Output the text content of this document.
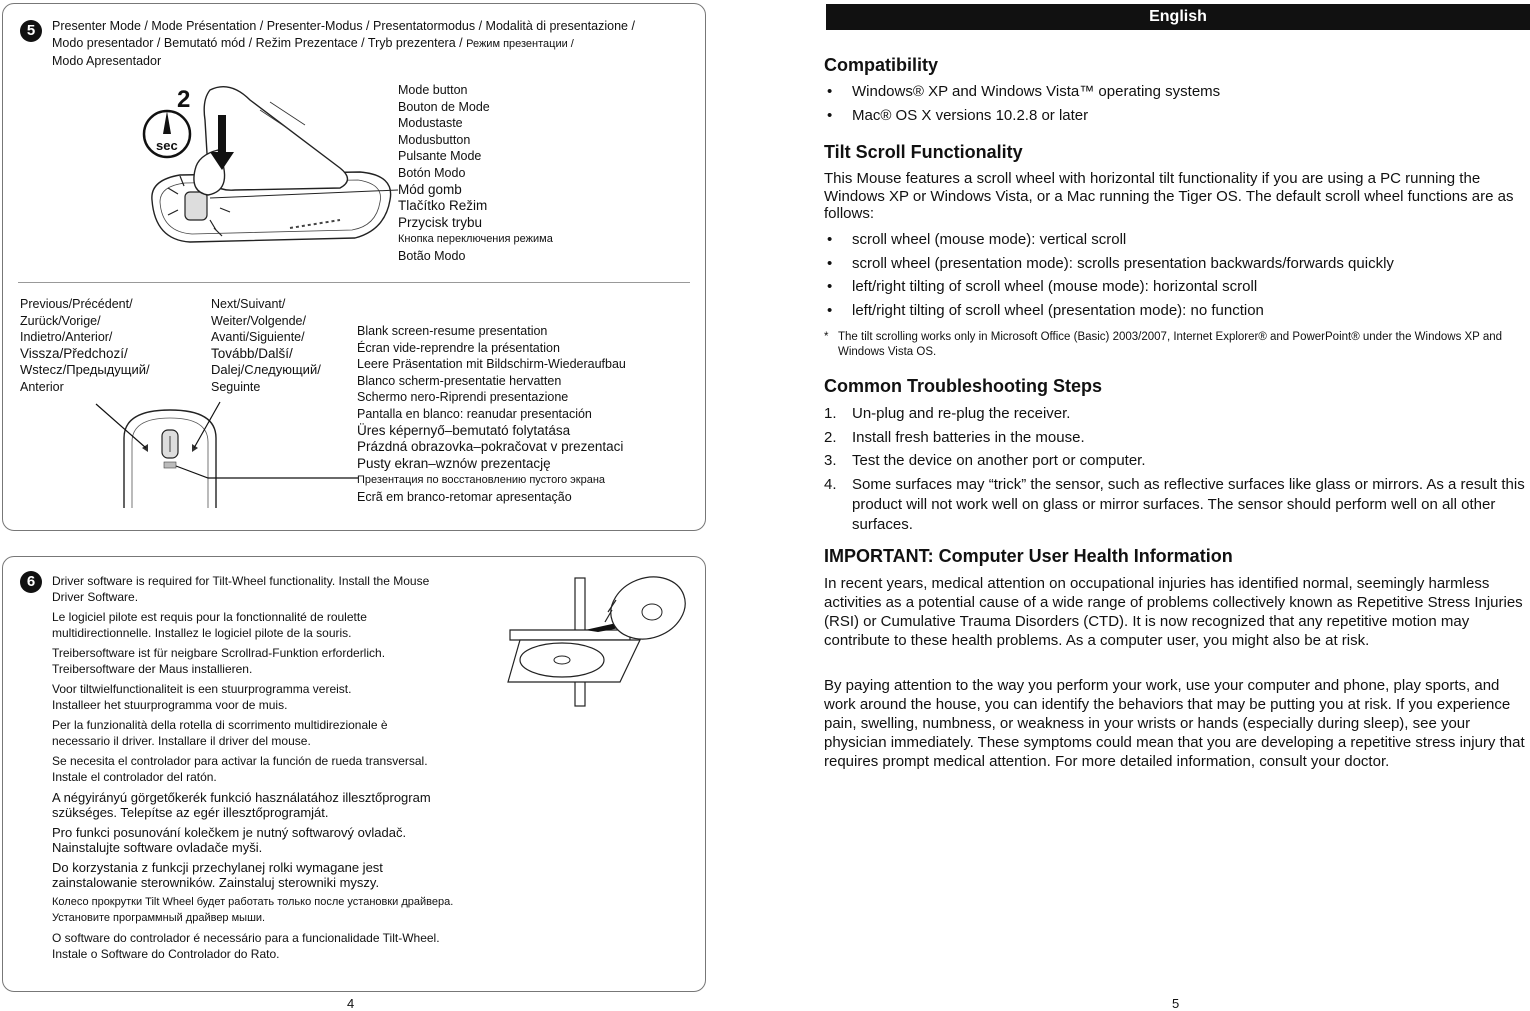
5	Presenter Mode / Mode Présentation / Presenter-Modus / Presentatormodus / Modalità di presentazione /
Modo presentador / Bemutató mód / Režim Prezentace / Tryb prezentera / Режим презентации /
Modo Apresentador
2
sec
Mode button
Bouton de Mode
Modustaste
Modusbutton
Pulsante Mode
Botón Modo
Mód gomb
Tlačítko Režim
Przycisk trybu
Кнопка переключения режима
Botão Modo
Previous/Précédent/
Zurück/Vorige/
Indietro/Anterior/
Vissza/Předchozí/
Wstecz/Предыдущий/
Anterior
Next/Suivant/
Weiter/Volgende/
Avanti/Siguiente/
Tovább/Další/
Dalej/Следующий/
Seguinte
Blank screen-resume presentation
Écran vide-reprendre la présentation
Leere Präsentation mit Bildschirm-Wiederaufbau
Blanco scherm-presentatie hervatten
Schermo nero-Riprendi presentazione
Pantalla en blanco: reanudar presentación
Üres képernyő–bemutató folytatása
Prázdná obrazovka–pokračovat v prezentaci
Pusty ekran–wznów prezentację
Презентация по восстановлению пустого экрана
Ecrã em branco-retomar apresentação
6	Driver software is required for Tilt-Wheel functionality. Install the Mouse
Driver Software.

Le logiciel pilote est requis pour la fonctionnalité de roulette
multidirectionnelle. Installez le logiciel pilote de la souris.

Treibersoftware ist für neigbare Scrollrad-Funktion erforderlich.
Treibersoftware der Maus installieren.

Voor tiltwielfunctionaliteit is een stuurprogramma vereist.
Installeer het stuurprogramma voor de muis.

Per la funzionalità della rotella di scorrimento multidirezionale è
necessario il driver. Installare il driver del mouse.

Se necesita el controlador para activar la función de rueda transversal.
Instale el controlador del ratón.

A négyirányú görgetőkerék funkció használatához illesztőprogram
szükséges. Telepítse az egér illesztőprogramját.

Pro funkci posunování kolečkem je nutný softwarový ovladač.
Nainstalujte software ovladače myši.

Do korzystania z funkcji przechylanej rolki wymagane jest
zainstalowanie sterowników. Zainstaluj sterowniki myszy.

Колесо прокрутки Tilt Wheel будет работать только после установки драйвера.
Установите программный драйвер мыши.

O software do controlador é necessário para a funcionalidade Tilt-Wheel.
Instale o Software do Controlador do Rato.

4
English
Compatibility
• Windows® XP and Windows Vista™ operating systems
• Mac® OS X versions 10.2.8 or later
Tilt Scroll Functionality
This Mouse features a scroll wheel with horizontal tilt functionality if you are using a PC running the Windows XP or Windows Vista, or a Mac running the Tiger OS. The default scroll wheel functions are as follows:
• scroll wheel (mouse mode): vertical scroll
• scroll wheel (presentation mode): scrolls presentation backwards/forwards quickly
• left/right tilting of scroll wheel (mouse mode): horizontal scroll
• left/right tilting of scroll wheel (presentation mode): no function
* The tilt scrolling works only in Microsoft Office (Basic) 2003/2007, Internet Explorer® and PowerPoint® under the Windows XP and Windows Vista OS.
Common Troubleshooting Steps
1. Un-plug and re-plug the receiver.
2. Install fresh batteries in the mouse.
3. Test the device on another port or computer.
4. Some surfaces may “trick” the sensor, such as reflective surfaces like glass or mirrors. As a result this product will not work well on glass or mirror surfaces. The sensor should perform well on all other surfaces.
IMPORTANT: Computer User Health Information
In recent years, medical attention on occupational injuries has identified normal, seemingly harmless activities as a potential cause of a wide range of problems collectively known as Repetitive Stress Injuries (RSI) or Cumulative Trauma Disorders (CTD). It is now recognized that any repetitive motion may contribute to these health problems. As a computer user, you might also be at risk.
By paying attention to the way you perform your work, use your computer and phone, play sports, and work around the house, you can identify the behaviors that may be putting you at risk. If you experience pain, swelling, numbness, or weakness in your wrists or hands (especially during sleep), see your physician immediately. These symptoms could mean that you are developing a repetitive stress injury that requires prompt medical attention. For more detailed information, consult your doctor.
5
